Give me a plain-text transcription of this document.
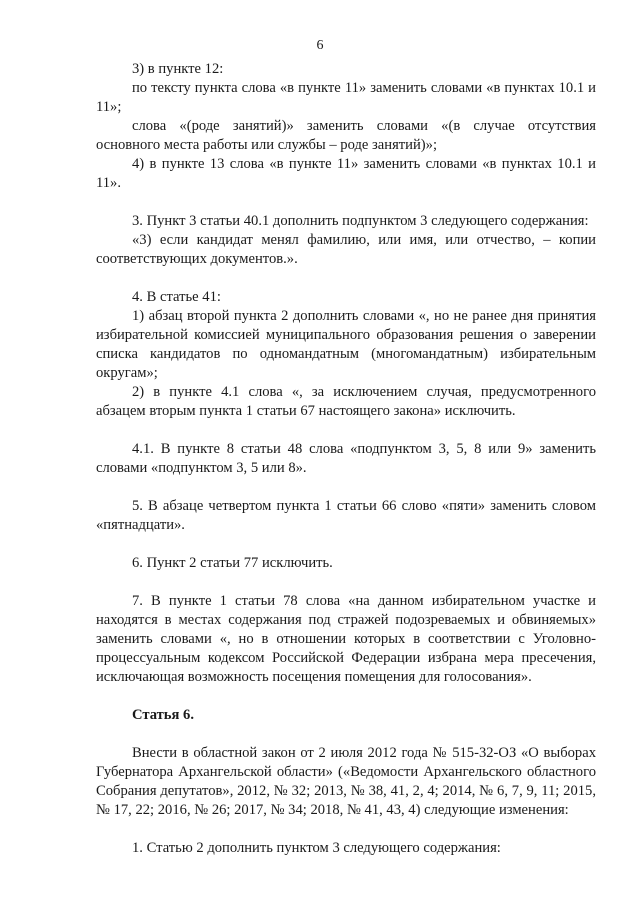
6

3) в пункте 12:

по тексту пункта слова «в пункте 11» заменить словами «в пунктах 10.1 и 11»;

слова «(роде занятий)» заменить словами «(в случае отсутствия основного места работы или службы – роде занятий)»;

4) в пункте 13 слова «в пункте 11» заменить словами «в пунктах 10.1 и 11».

3. Пункт 3 статьи 40.1 дополнить подпунктом 3 следующего содержания:

«3) если кандидат менял фамилию, или имя, или отчество, – копии соответствующих документов.».

4. В статье 41:

1) абзац второй пункта 2 дополнить словами «, но не ранее дня принятия избирательной комиссией муниципального образования решения о заверении списка кандидатов по одномандатным (многомандатным) избирательным округам»;

2) в пункте 4.1 слова «, за исключением случая, предусмотренного абзацем вторым пункта 1 статьи 67 настоящего закона» исключить.

4.1. В пункте 8 статьи 48 слова «подпунктом 3, 5, 8 или 9» заменить словами «подпунктом 3, 5 или 8».

5. В абзаце четвертом пункта 1 статьи 66 слово «пяти» заменить словом «пятнадцати».

6. Пункт 2 статьи 77 исключить.

7. В пункте 1 статьи 78 слова «на данном избирательном участке и находятся в местах содержания под стражей подозреваемых и обвиняемых» заменить словами «, но в отношении которых в соответствии с Уголовно-процессуальным кодексом Российской Федерации избрана мера пресечения, исключающая возможность посещения помещения для голосования».

Статья 6.

Внести в областной закон от 2 июля 2012 года № 515-32-ОЗ «О выборах Губернатора Архангельской области» («Ведомости Архангельского областного Собрания депутатов», 2012, № 32; 2013, № 38, 41, 2, 4; 2014, № 6, 7, 9, 11; 2015, № 17, 22; 2016, № 26; 2017, № 34; 2018, № 41, 43, 4) следующие изменения:

1. Статью 2 дополнить пунктом 3 следующего содержания:
